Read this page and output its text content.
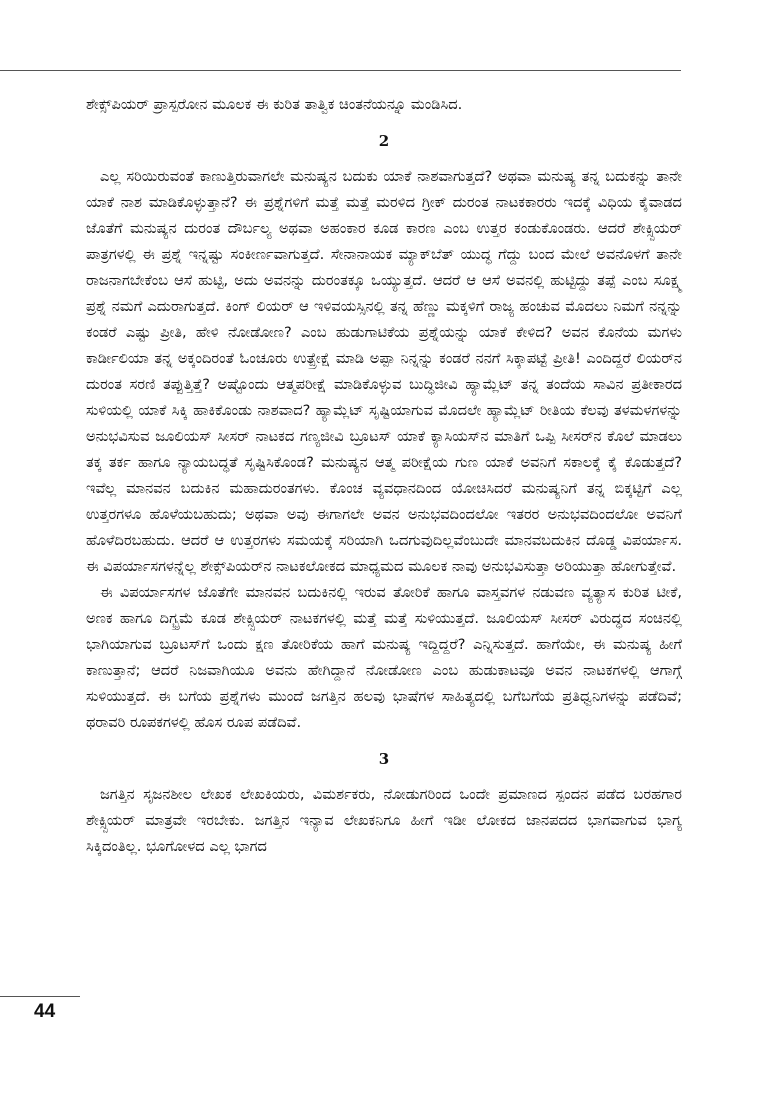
ಶೇಕ್ಸ್‌ಪಿಯರ್ ಪ್ರಾಸ್ಪರೋನ ಮೂಲಕ ಈ ಕುರಿತ ತಾತ್ವಿಕ ಚಿಂತನೆಯನ್ನೂ ಮಂಡಿಸಿದ.

2

ಎಲ್ಲ ಸರಿಯಿರುವಂತೆ ಕಾಣುತ್ತಿರುವಾಗಲೇ ಮನುಷ್ಯನ ಬದುಕು ಯಾಕೆ ನಾಶವಾಗುತ್ತದೆ? ಅಥವಾ ಮನುಷ್ಯ ತನ್ನ ಬದುಕನ್ನು ತಾನೇ ಯಾಕೆ ನಾಶ ಮಾಡಿಕೊಳ್ಳುತ್ತಾನೆ? ಈ ಪ್ರಶ್ನೆಗಳಿಗೆ ಮತ್ತೆ ಮತ್ತೆ ಮರಳಿದ ಗ್ರೀಕ್ ದುರಂತ ನಾಟಕಕಾರರು ಇದಕ್ಕೆ ವಿಧಿಯ ಕೈವಾಡದ ಜೊತೆಗೆ ಮನುಷ್ಯನ ದುರಂತ ದೌರ್ಬಲ್ಯ ಅಥವಾ ಅಹಂಕಾರ ಕೂಡ ಕಾರಣ ಎಂಬ ಉತ್ತರ ಕಂಡುಕೊಂಡರು. ಆದರೆ ಶೇಕ್ಸ್ಪಿಯರ್ ಪಾತ್ರಗಳಲ್ಲಿ ಈ ಪ್ರಶ್ನೆ ಇನ್ನಷ್ಟು ಸಂಕೀರ್ಣವಾಗುತ್ತದೆ. ಸೇನಾನಾಯಕ ಮ್ಯಾಕ್‌ಬೆತ್ ಯುದ್ಧ ಗೆದ್ದು ಬಂದ ಮೇಲೆ ಅವನೊಳಗೆ ತಾನೇ ರಾಜನಾಗಬೇಕೆಂಬ ಆಸೆ ಹುಟ್ಟಿ, ಅದು ಅವನನ್ನು ದುರಂತಕ್ಕೂ ಒಯ್ಯುತ್ತದೆ. ಆದರೆ ಆ ಆಸೆ ಅವನಲ್ಲಿ ಹುಟ್ಟಿದ್ದು ತಪ್ಪೆ ಎಂಬ ಸೂಕ್ಷ್ಮ ಪ್ರಶ್ನೆ ನಮಗೆ ಎದುರಾಗುತ್ತದೆ. ಕಿಂಗ್ ಲಿಯರ್ ಆ ಇಳಿವಯಸ್ಸಿನಲ್ಲಿ ತನ್ನ ಹೆಣ್ಣು ಮಕ್ಕಳಿಗೆ ರಾಜ್ಯ ಹಂಚುವ ಮೊದಲು ನಿಮಗೆ ನನ್ನನ್ನು ಕಂಡರೆ ಎಷ್ಟು ಪ್ರೀತಿ, ಹೇಳಿ ನೋಡೋಣ? ಎಂಬ ಹುಡುಗಾಟಿಕೆಯ ಪ್ರಶ್ನೆಯನ್ನು ಯಾಕೆ ಕೇಳಿದ? ಅವನ ಕೊನೆಯ ಮಗಳು ಕಾರ್ಡೀಲಿಯಾ ತನ್ನ ಅಕ್ಕಂದಿರಂತೆ ಓಂಚೂರು ಉತ್ಪ್ರೇಕ್ಷೆ ಮಾಡಿ ಅಪ್ಪಾ ನಿನ್ನನ್ನು ಕಂಡರೆ ನನಗೆ ಸಿಕ್ಕಾಪಟ್ಟೆ ಪ್ರೀತಿ! ಎಂದಿದ್ದರೆ ಲಿಯರ್‌ನ ದುರಂತ ಸರಣಿ ತಪ್ಪುತ್ತಿತ್ತೆ? ಅಷ್ಟೊಂದು ಆತ್ಮಪರೀಕ್ಷೆ ಮಾಡಿಕೊಳ್ಳುವ ಬುದ್ಧಿಜೀವಿ ಹ್ಯಾಮ್ಲೆಟ್ ತನ್ನ ತಂದೆಯ ಸಾವಿನ ಪ್ರತೀಕಾರದ ಸುಳಿಯಲ್ಲಿ ಯಾಕೆ ಸಿಕ್ಕಿ ಹಾಕಿಕೊಂಡು ನಾಶವಾದ? ಹ್ಯಾಮ್ಲೆಟ್ ಸೃಷ್ಟಿಯಾಗುವ ಮೊದಲೇ ಹ್ಯಾಮ್ಲೆಟ್ ರೀತಿಯ ಕೆಲವು ತಳಮಳಗಳನ್ನು ಅನುಭವಿಸುವ ಜೂಲಿಯಸ್ ಸೀಸರ್ ನಾಟಕದ ಗಣ್ಯಜೀವಿ ಬ್ರೂಟಸ್ ಯಾಕೆ ಕ್ಯಾಸಿಯಸ್‌ನ ಮಾತಿಗೆ ಒಪ್ಪಿ ಸೀಸರ್‌ನ ಕೊಲೆ ಮಾಡಲು ತಕ್ಕ ತರ್ಕ ಹಾಗೂ ನ್ಯಾಯಬದ್ಧತೆ ಸೃಷ್ಟಿಸಿಕೊಂಡ? ಮನುಷ್ಯನ ಆತ್ಮ ಪರೀಕ್ಷೆಯ ಗುಣ ಯಾಕೆ ಅವನಿಗೆ ಸಕಾಲಕ್ಕೆ ಕೈ ಕೊಡುತ್ತದೆ? ಇವೆಲ್ಲ ಮಾನವನ ಬದುಕಿನ ಮಹಾದುರಂತಗಳು. ಕೊಂಚ ವ್ಯವಧಾನದಿಂದ ಯೋಚಿಸಿದರೆ ಮನುಷ್ಯನಿಗೆ ತನ್ನ ಬಿಕ್ಕಟ್ಟಿಗೆ ಎಲ್ಲ ಉತ್ತರಗಳೂ ಹೊಳೆಯಬಹುದು; ಅಥವಾ ಅವು ಈಗಾಗಲೇ ಅವನ ಅನುಭವದಿಂದಲೋ ಇತರರ ಅನುಭವದಿಂದಲೋ ಅವನಿಗೆ ಹೊಳೆದಿರಬಹುದು. ಆದರೆ ಆ ಉತ್ತರಗಳು ಸಮಯಕ್ಕೆ ಸರಿಯಾಗಿ ಒದಗುವುದಿಲ್ಲವೆಂಬುದೇ ಮಾನವಬದುಕಿನ ದೊಡ್ಡ ವಿಪರ್ಯಾಸ. ಈ ವಿಪರ್ಯಾಸಗಳನ್ನೆಲ್ಲ ಶೇಕ್ಸ್‌ಪಿಯರ್‌ನ ನಾಟಕಲೋಕದ ಮಾಧ್ಯಮದ ಮೂಲಕ ನಾವು ಅನುಭವಿಸುತ್ತಾ ಅರಿಯುತ್ತಾ ಹೋಗುತ್ತೇವೆ.

ಈ ವಿಪರ್ಯಾಸಗಳ ಜೊತೆಗೇ ಮಾನವನ ಬದುಕಿನಲ್ಲಿ ಇರುವ ತೋರಿಕೆ ಹಾಗೂ ವಾಸ್ತವಗಳ ನಡುವಣ ವ್ಯತ್ಯಾಸ ಕುರಿತ ಟೀಕೆ, ಅಣಕ ಹಾಗೂ ದಿಗ್ಭ್ರಮೆ ಕೂಡ ಶೇಕ್ಸ್ಪಿಯರ್ ನಾಟಕಗಳಲ್ಲಿ ಮತ್ತೆ ಮತ್ತೆ ಸುಳಿಯುತ್ತದೆ. ಜೂಲಿಯಸ್ ಸೀಸರ್ ವಿರುದ್ಧದ ಸಂಚಿನಲ್ಲಿ ಭಾಗಿಯಾಗುವ ಬ್ರೂಟಸ್‌ಗೆ ಒಂದು ಕ್ಷಣ ತೋರಿಕೆಯ ಹಾಗೆ ಮನುಷ್ಯ ಇದ್ದಿದ್ದರೆ? ಎನ್ನಿಸುತ್ತದೆ. ಹಾಗೆಯೇ, ಈ ಮನುಷ್ಯ ಹೀಗೆ ಕಾಣುತ್ತಾನೆ; ಆದರೆ ನಿಜವಾಗಿಯೂ ಅವನು ಹೇಗಿದ್ದಾನೆ ನೋಡೋಣ ಎಂಬ ಹುಡುಕಾಟವೂ ಅವನ ನಾಟಕಗಳಲ್ಲಿ ಆಗಾಗ್ಗೆ ಸುಳಿಯುತ್ತದೆ. ಈ ಬಗೆಯ ಪ್ರಶ್ನೆಗಳು ಮುಂದೆ ಜಗತ್ತಿನ ಹಲವು ಭಾಷೆಗಳ ಸಾಹಿತ್ಯದಲ್ಲಿ ಬಗೆಬಗೆಯ ಪ್ರತಿಧ್ವನಿಗಳನ್ನು ಪಡೆದಿವೆ; ಥರಾವರಿ ರೂಪಕಗಳಲ್ಲಿ ಹೊಸ ರೂಪ ಪಡೆದಿವೆ.

3

ಜಗತ್ತಿನ ಸೃಜನಶೀಲ ಲೇಖಕ ಲೇಖಕಿಯರು, ವಿಮರ್ಶಕರು, ನೋಡುಗರಿಂದ ಒಂದೇ ಪ್ರಮಾಣದ ಸ್ಪಂದನ ಪಡೆದ ಬರಹಗಾರ ಶೇಕ್ಸ್ಪಿಯರ್ ಮಾತ್ರವೇ ಇರಬೇಕು. ಜಗತ್ತಿನ ಇನ್ಯಾವ ಲೇಖಕನಿಗೂ ಹೀಗೆ ಇಡೀ ಲೋಕದ ಜಾನಪದದ ಭಾಗವಾಗುವ ಭಾಗ್ಯ ಸಿಕ್ಕಿದಂತಿಲ್ಲ. ಭೂಗೋಳದ ಎಲ್ಲ ಭಾಗದ

44
